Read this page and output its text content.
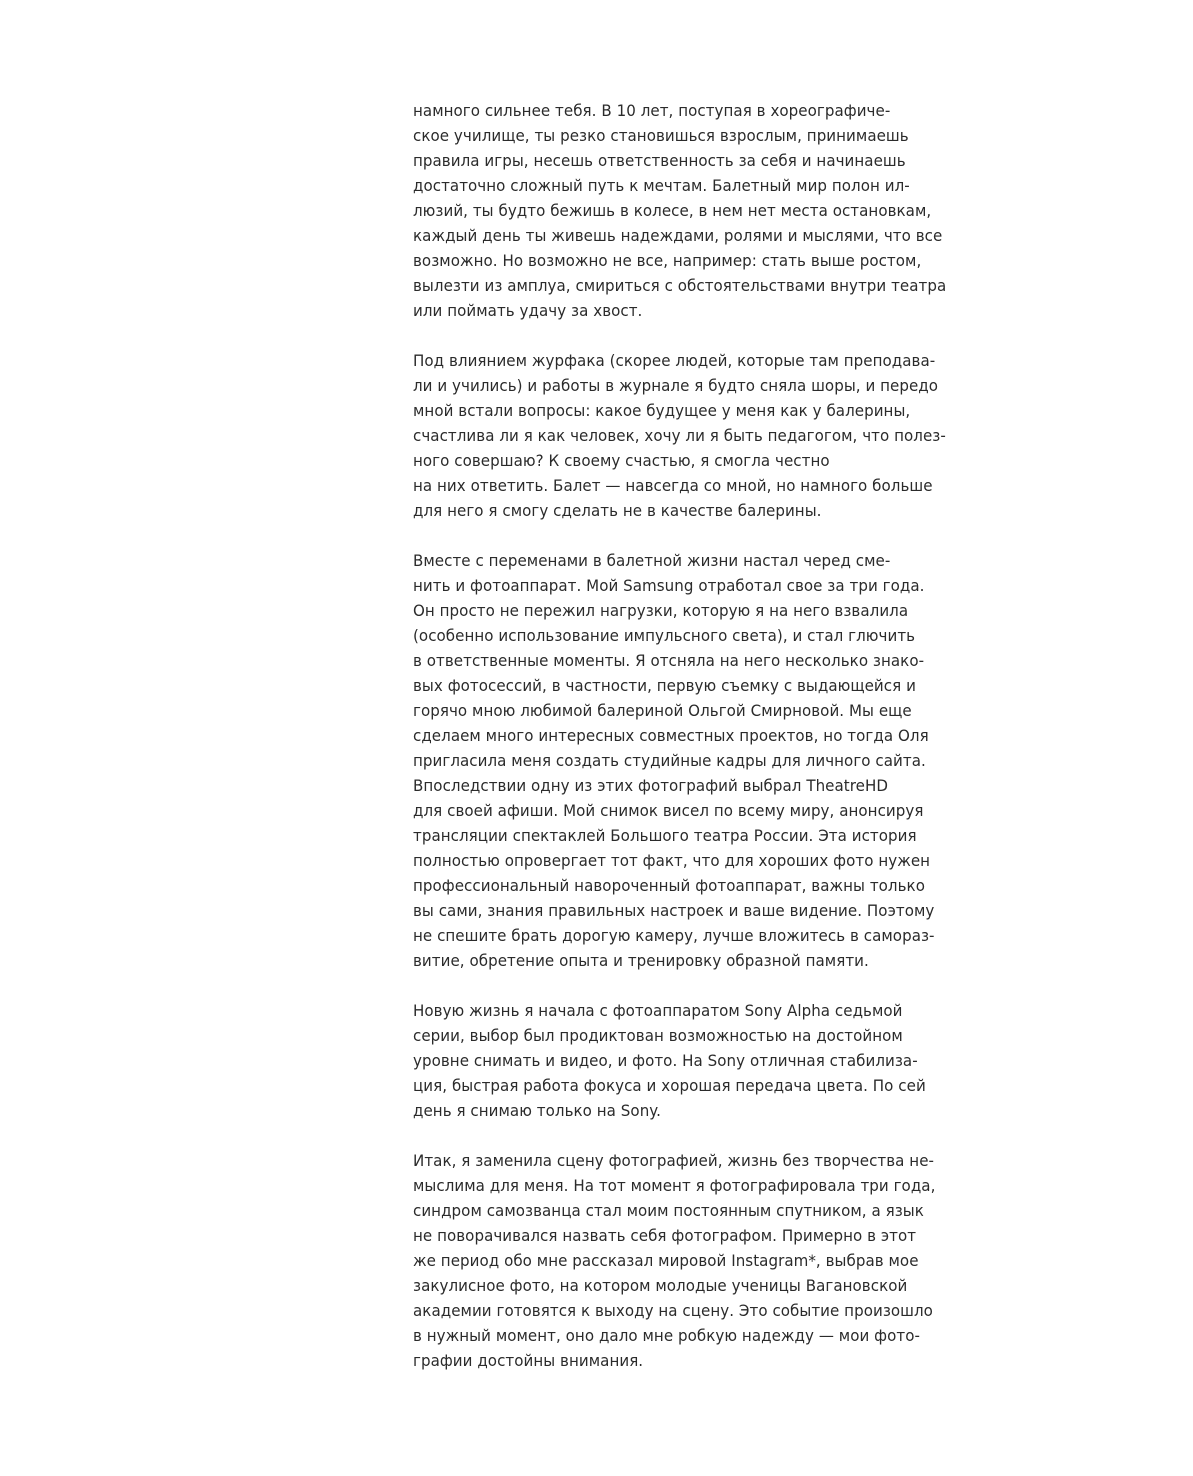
намного сильнее тебя. В 10 лет, поступая в хореографиче-
ское училище, ты резко становишься взрослым, принимаешь
правила игры, несешь ответственность за себя и начинаешь
достаточно сложный путь к мечтам. Балетный мир полон ил-
люзий, ты будто бежишь в колесе, в нем нет места остановкам,
каждый день ты живешь надеждами, ролями и мыслями, что все
возможно. Но возможно не все, например: стать выше ростом,
вылезти из амплуа, смириться с обстоятельствами внутри театра
или поймать удачу за хвост.
Под влиянием журфака (скорее людей, которые там преподава-
ли и учились) и работы в журнале я будто сняла шоры, и передо
мной встали вопросы: какое будущее у меня как у балерины,
счастлива ли я как человек, хочу ли я быть педагогом, что полез-
ного совершаю? К своему счастью, я смогла честно
на них ответить. Балет — навсегда со мной, но намного больше
для него я смогу сделать не в качестве балерины.
Вместе с переменами в балетной жизни настал черед сме-
нить и фотоаппарат. Мой Samsung отработал свое за три года.
Он просто не пережил нагрузки, которую я на него взвалила
(особенно использование импульсного света), и стал глючить
в ответственные моменты. Я отсняла на него несколько знако-
вых фотосессий, в частности, первую съемку с выдающейся и
горячо мною любимой балериной Ольгой Смирновой. Мы еще
сделаем много интересных совместных проектов, но тогда Оля
пригласила меня создать студийные кадры для личного сайта.
Впоследствии одну из этих фотографий выбрал TheatreHD
для своей афиши. Мой снимок висел по всему миру, анонсируя
трансляции спектаклей Большого театра России. Эта история
полностью опровергает тот факт, что для хороших фото нужен
профессиональный навороченный фотоаппарат, важны только
вы сами, знания правильных настроек и ваше видение. Поэтому
не спешите брать дорогую камеру, лучше вложитесь в самораз-
витие, обретение опыта и тренировку образной памяти.
Новую жизнь я начала с фотоаппаратом Sony Alpha седьмой
серии, выбор был продиктован возможностью на достойном
уровне снимать и видео, и фото. На Sony отличная стабилиза-
ция, быстрая работа фокуса и хорошая передача цвета. По сей
день я снимаю только на Sony.
Итак, я заменила сцену фотографией, жизнь без творчества не-
мыслима для меня. На тот момент я фотографировала три года,
синдром самозванца стал моим постоянным спутником, а язык
не поворачивался назвать себя фотографом. Примерно в этот
же период обо мне рассказал мировой Instagram*, выбрав мое
закулисное фото, на котором молодые ученицы Вагановской
академии готовятся к выходу на сцену. Это событие произошло
в нужный момент, оно дало мне робкую надежду — мои фото-
графии достойны внимания.
